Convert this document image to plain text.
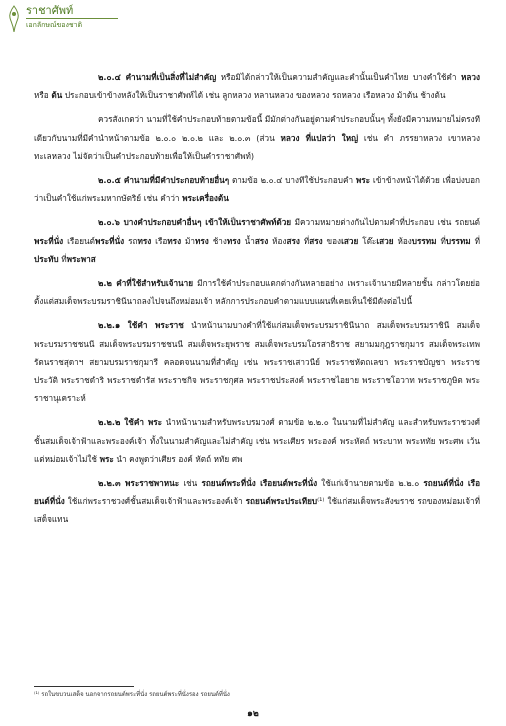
ราชาศัพท์
เอกลักษณ์ของชาติ

๒.๐.๔ คำนามที่เป็นสิ่งที่ไม่สำคัญ หรือมิได้กล่าวให้เป็นความสำคัญและคำนั้นเป็นคำไทย บางคำใช้คำ หลวง หรือ ต้น ประกอบเข้าข้างหลังให้เป็นราชาศัพท์ได้ เช่น ลูกหลวง หลานหลวง ของหลวง รถหลวง เรือหลวง ม้าต้น ช้างต้น

ควรสังเกตว่า นามที่ใช้คำประกอบท้ายตามข้อนี้ มีมักต่างกันอยู่ตามคำประกอบนั้นๆ ทั้งยังมีความหมายไม่ตรงทีเดียวกับนามที่มีคำนำหน้าตามข้อ ๒.๐.๐ ๒.๐.๒ และ ๒.๐.๓ (ส่วน หลวง ที่แปลว่า ใหญ่ เช่น คำ ภรรยาหลวง เขาหลวง ทะเลหลวง ไม่จัดว่าเป็นคำประกอบท้ายเพื่อให้เป็นคำราชาศัพท์)

๒.๐.๕ คำนามที่มีคำประกอบท้ายอื่นๆ ตามข้อ ๒.๐.๔ บางทีใช้ประกอบคำ พระ เข้าข้างหน้าได้ด้วย เพื่อบ่งบอกว่าเป็นคำใช้แก่พระมหากษัตริย์ เช่น คำว่า พระเครื่องต้น

๒.๐.๖ บางคำประกอบคำอื่นๆ เข้าให้เป็นราชาศัพท์ด้วย มีความหมายต่างกันไปตามคำที่ประกอบ เช่น รถยนต์พระที่นั่ง เรือยนต์พระที่นั่ง รถทรง เรือทรง ม้าทรง ช้างทรง น้ำสรง ห้องสรง ที่สรง ของเสวย โต๊ะเสวย ห้องบรรทม ที่บรรทม ที่ประทับ ที่พระพาส

๒.๒ คำที่ใช้สำหรับเจ้านาย มีการใช้คำประกอบแตกต่างกันหลายอย่าง เพราะเจ้านายมีหลายชั้น กล่าวโดยย่อ ตั้งแต่สมเด็จพระบรมราชินีนาถลงไปจนถึงหม่อมเจ้า หลักการประกอบคำตามแบบแผนที่เคยเห็นใช้มีดังต่อไปนี้

๒.๒.๑ ใช้คำ พระราช นำหน้านามบางคำที่ใช้แก่สมเด็จพระบรมราชินีนาถ สมเด็จพระบรมราชินี สมเด็จพระบรมราชชนนี สมเด็จพระบรมราชชนนี สมเด็จพระยุพราช สมเด็จพระบรมโอรสาธิราช สยามมกุฎราชกุมาร สมเด็จพระเทพรัตนราชสุดาฯ สยามบรมราชกุมารี คลอดจนนามที่สำคัญ เช่น พระราชเสาวนีย์ พระราชหัตถเลขา พระราชบัญชา พระราชประวัติ พระราชดำริ พระราชดำรัส พระราชกิจ พระราชกุศล พระราชประสงค์ พระราชไอยาย พระราชโอวาท พระราชภูษิต พระราชานุเคราะห์

๒.๒.๒ ใช้คำ พระ นำหน้านามสำหรับพระบรมวงศ์ ตามข้อ ๒.๒.๐ ในนามที่ไม่สำคัญ และสำหรับพระราชวงศ์ชั้นสมเด็จเจ้าฟ้าและพระองค์เจ้า ทั้งในนามสำคัญและไม่สำคัญ เช่น พระเศียร พระองค์ พระหัตถ์ พระบาท พระหทัย พระศพ เว้นแต่หม่อมเจ้าไม่ใช้ พระ นำ คงพูดว่าเศียร องค์ หัตถ์ หทัย ศพ

๒.๒.๓ พระราชพาหนะ เช่น รถยนต์พระที่นั่ง เรือยนต์พระที่นั่ง ใช้แก่เจ้านายตามข้อ ๒.๒.๐ รถยนต์ที่นั่ง เรือยนต์ที่นั่ง ใช้แก่พระราชวงศ์ชั้นสมเด็จเจ้าฟ้าและพระองค์เจ้า รถยนต์พระประเทียบ⁽¹⁾ ใช้แก่สมเด็จพระสังฆราช รถของหม่อมเจ้าที่เสด็จแทน

⁽¹⁾ รถในขบวนเสด็จ นอกจากรถยนต์พระที่นั่ง รถยนต์พระที่นั่งรอง รถยนต์ที่นั่ง
๑๒
